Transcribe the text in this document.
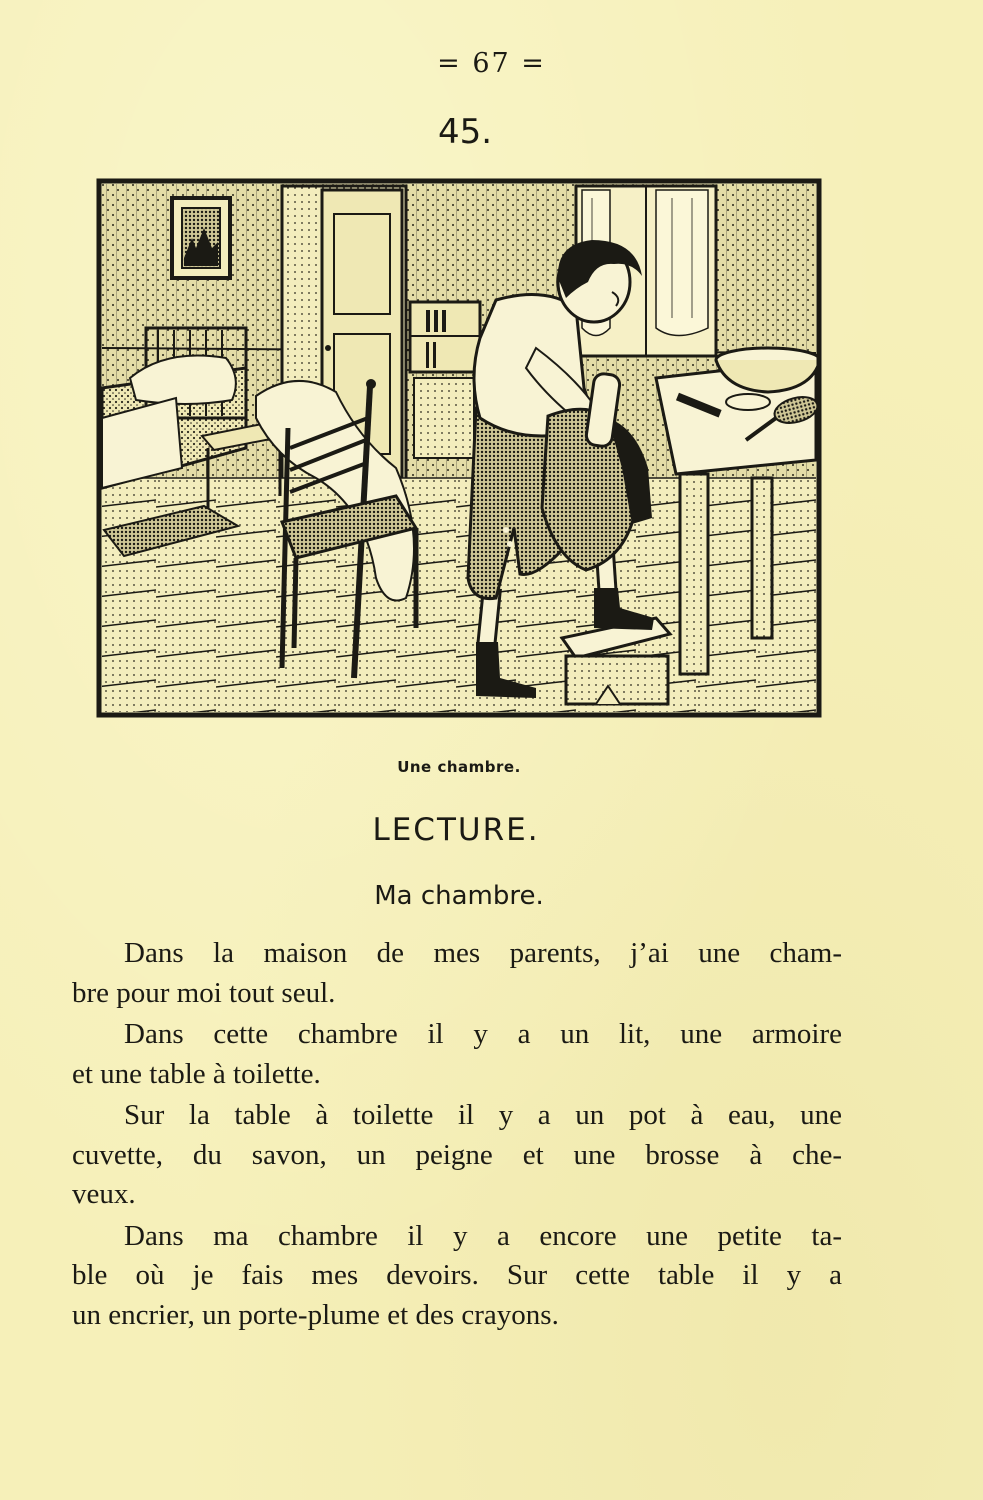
= 67 =
45.
Une chambre.
LECTURE.
Ma chambre.
Dans la maison de mes parents, j’ai une cham-
bre pour moi tout seul.
Dans cette chambre il y a un lit, une armoire
et une table à toilette.
Sur la table à toilette il y a un pot à eau, une
cuvette, du savon, un peigne et une brosse à che-
veux.
Dans ma chambre il y a encore une petite ta-
ble où je fais mes devoirs. Sur cette table il y a
un encrier, un porte-plume et des crayons.
